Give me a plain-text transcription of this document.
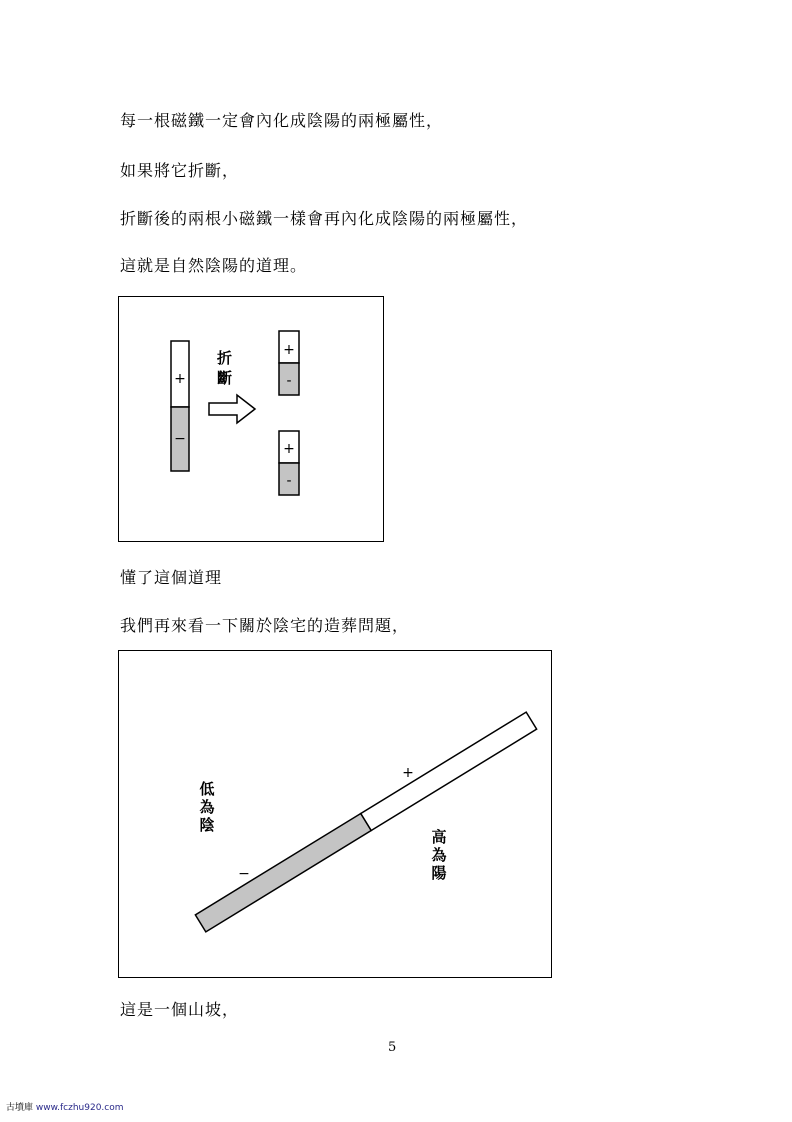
每一根磁鐵一定會內化成陰陽的兩極屬性，
如果將它折斷，
折斷後的兩根小磁鐵一樣會再內化成陰陽的兩極屬性，
這就是自然陰陽的道理。
+
−
折
斷
+
-
+
-
懂了這個道理
我們再來看一下關於陰宅的造葬問題，
+
−
低
為
陰
高
為
陽
這是一個山坡，
5
古墳庫 www.fczhu920.com
